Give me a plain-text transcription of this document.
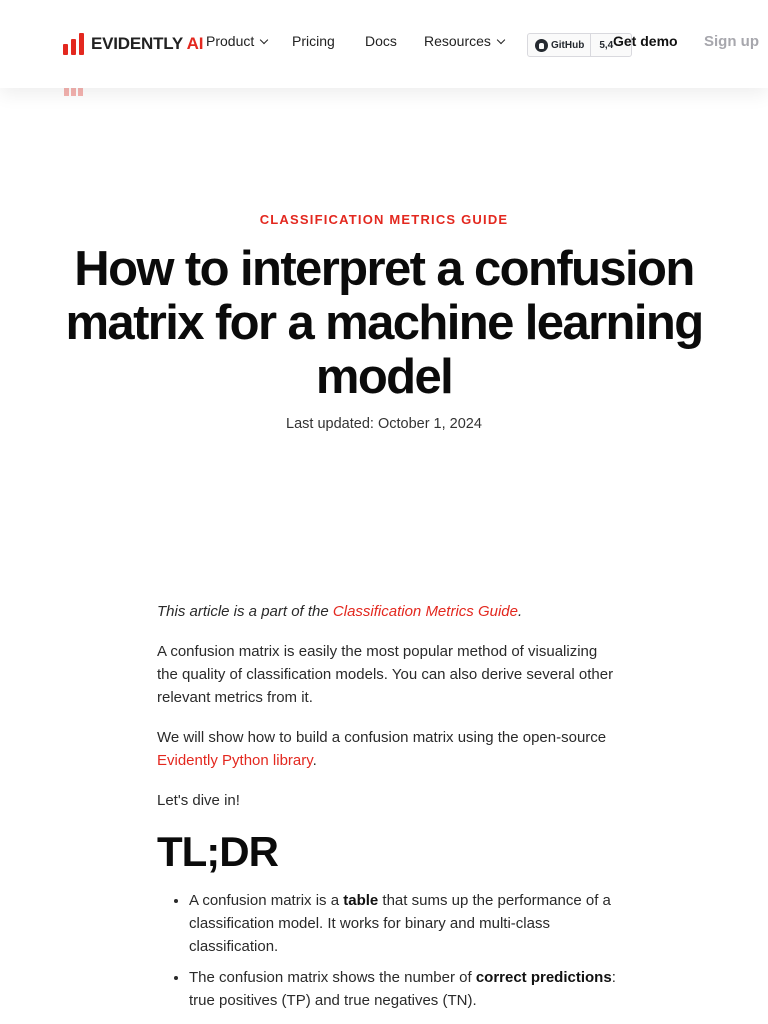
EVIDENTLY AI Product	Pricing Docs Resources	GitHub	5,4 Get demo Sign up
CLASSIFICATION METRICS GUIDE
How to interpret a confusion matrix for a machine learning model
Last updated: October 1, 2024

This article is a part of the Classification Metrics Guide.

A confusion matrix is easily the most popular method of visualizing the quality of classification models. You can also derive several other relevant metrics from it.

We will show how to build a confusion matrix using the open-source Evidently Python library.

Let's dive in!

TL;DR
• A confusion matrix is a table that sums up the performance of a classification model. It works for binary and multi-class classification.
• The confusion matrix shows the number of correct predictions: true positives (TP) and true negatives (TN).
